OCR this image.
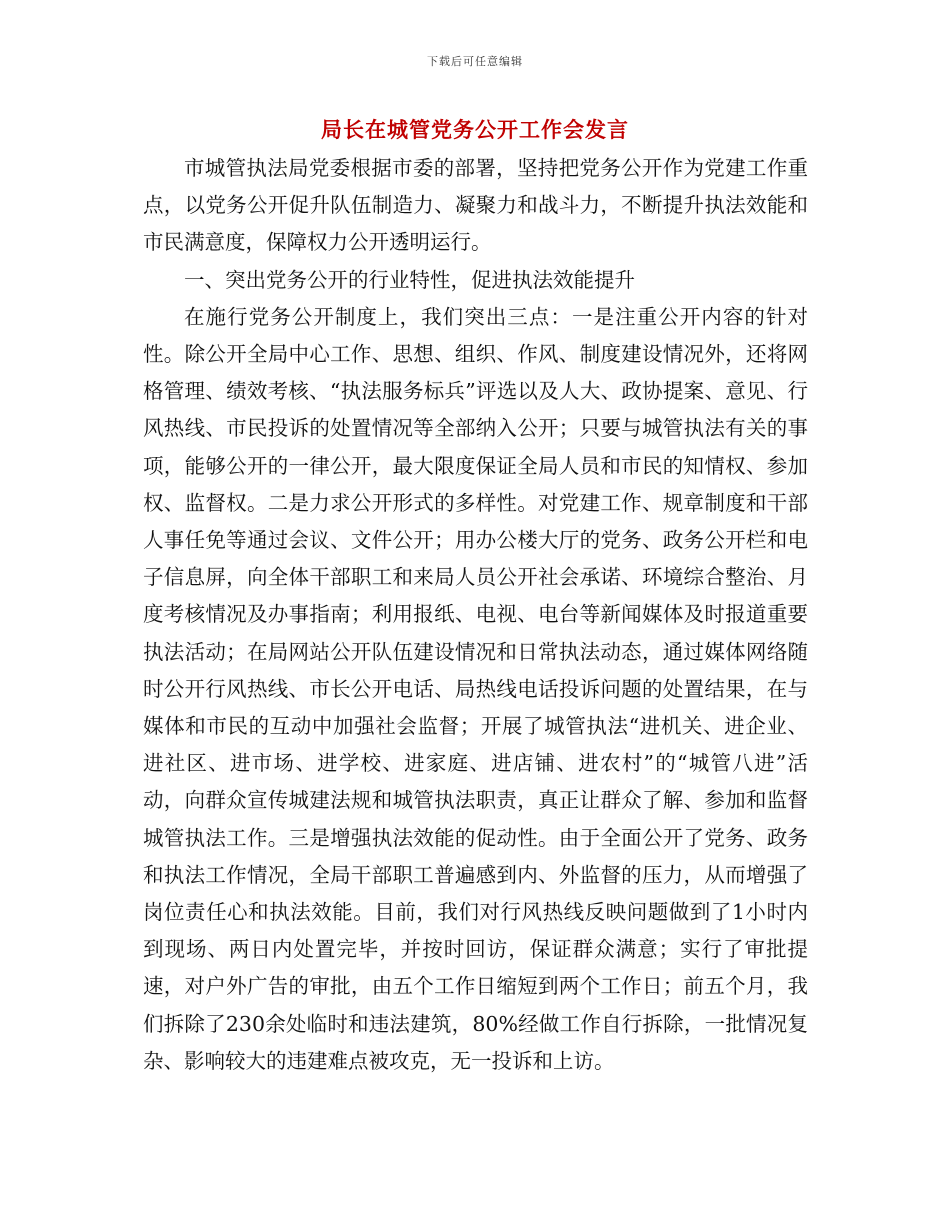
下载后可任意编辑
局长在城管党务公开工作会发言

市城管执法局党委根据市委的部署，坚持把党务公开作为党建工作重点，以党务公开促升队伍制造力、凝聚力和战斗力，不断提升执法效能和市民满意度，保障权力公开透明运行。

一、突出党务公开的行业特性，促进执法效能提升

在施行党务公开制度上，我们突出三点：一是注重公开内容的针对性。除公开全局中心工作、思想、组织、作风、制度建设情况外，还将网格管理、绩效考核、“执法服务标兵”评选以及人大、政协提案、意见、行风热线、市民投诉的处置情况等全部纳入公开；只要与城管执法有关的事项，能够公开的一律公开，最大限度保证全局人员和市民的知情权、参加权、监督权。二是力求公开形式的多样性。对党建工作、规章制度和干部人事任免等通过会议、文件公开；用办公楼大厅的党务、政务公开栏和电子信息屏，向全体干部职工和来局人员公开社会承诺、环境综合整治、月度考核情况及办事指南；利用报纸、电视、电台等新闻媒体及时报道重要执法活动；在局网站公开队伍建设情况和日常执法动态，通过媒体网络随时公开行风热线、市长公开电话、局热线电话投诉问题的处置结果，在与媒体和市民的互动中加强社会监督；开展了城管执法“进机关、进企业、进社区、进市场、进学校、进家庭、进店铺、进农村”的“城管八进”活动，向群众宣传城建法规和城管执法职责，真正让群众了解、参加和监督城管执法工作。三是增强执法效能的促动性。由于全面公开了党务、政务和执法工作情况，全局干部职工普遍感到内、外监督的压力，从而增强了岗位责任心和执法效能。目前，我们对行风热线反映问题做到了1小时内到现场、两日内处置完毕，并按时回访，保证群众满意；实行了审批提速，对户外广告的审批，由五个工作日缩短到两个工作日；前五个月，我们拆除了230余处临时和违法建筑，80%经做工作自行拆除，一批情况复杂、影响较大的违建难点被攻克，无一投诉和上访。
